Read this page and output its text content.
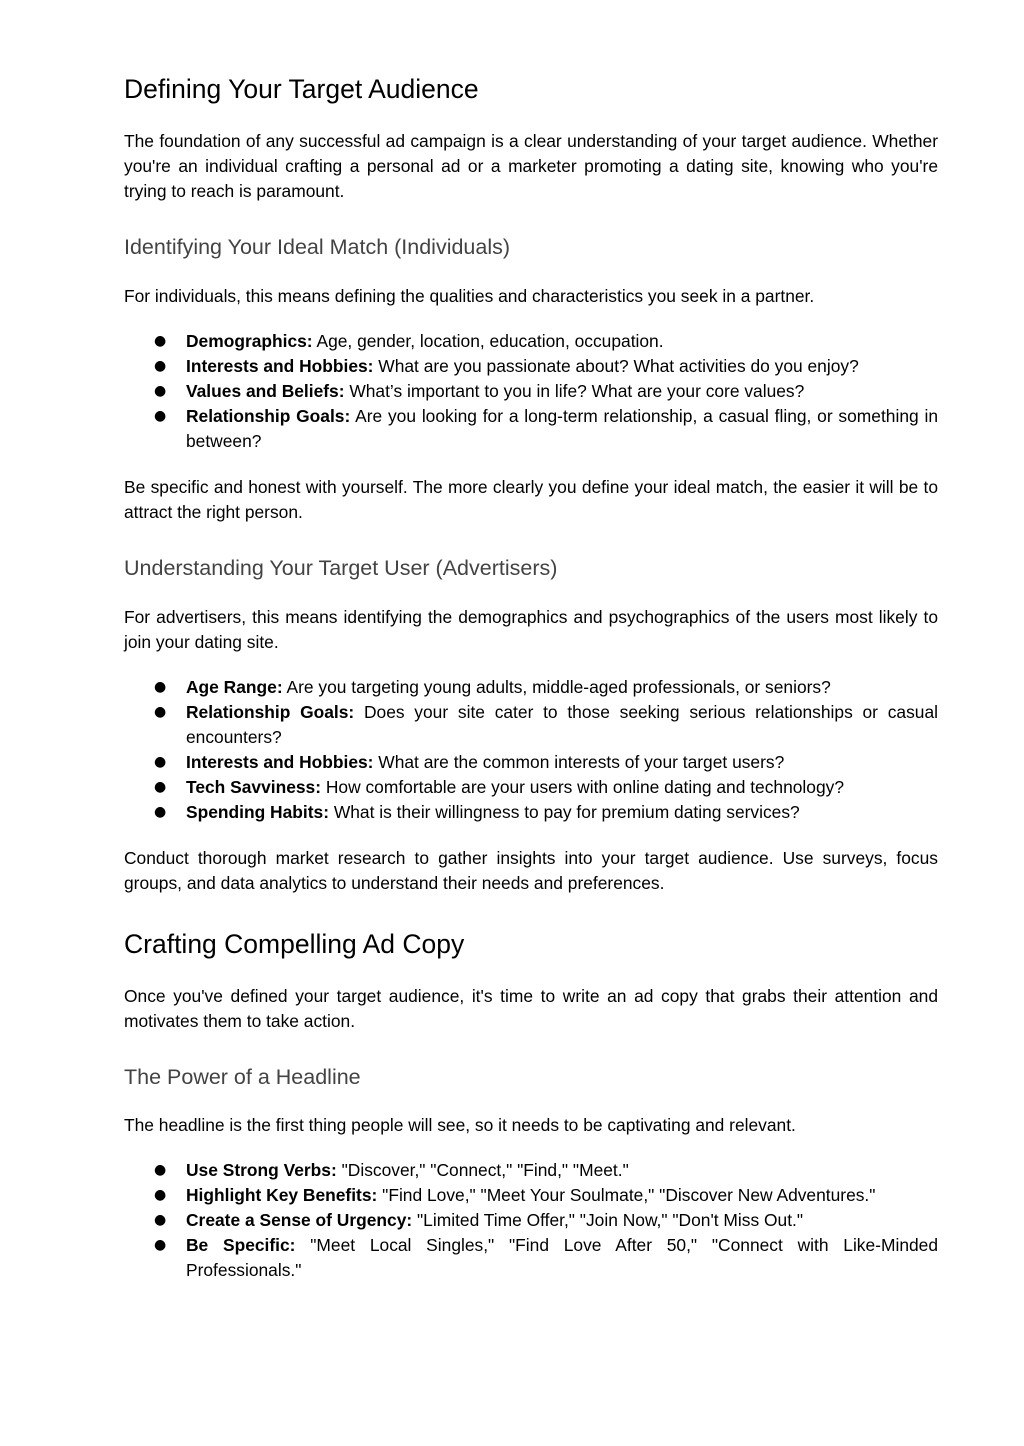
Defining Your Target Audience

The foundation of any successful ad campaign is a clear understanding of your target audience. Whether you're an individual crafting a personal ad or a marketer promoting a dating site, knowing who you're trying to reach is paramount.

Identifying Your Ideal Match (Individuals)

For individuals, this means defining the qualities and characteristics you seek in a partner.

● Demographics: Age, gender, location, education, occupation.
● Interests and Hobbies: What are you passionate about? What activities do you enjoy?
● Values and Beliefs: What’s important to you in life? What are your core values?
● Relationship Goals: Are you looking for a long-term relationship, a casual fling, or something in between?

Be specific and honest with yourself. The more clearly you define your ideal match, the easier it will be to attract the right person.

Understanding Your Target User (Advertisers)

For advertisers, this means identifying the demographics and psychographics of the users most likely to join your dating site.

● Age Range: Are you targeting young adults, middle-aged professionals, or seniors?
● Relationship Goals: Does your site cater to those seeking serious relationships or casual encounters?
● Interests and Hobbies: What are the common interests of your target users?
● Tech Savviness: How comfortable are your users with online dating and technology?
● Spending Habits: What is their willingness to pay for premium dating services?

Conduct thorough market research to gather insights into your target audience. Use surveys, focus groups, and data analytics to understand their needs and preferences.

Crafting Compelling Ad Copy

Once you've defined your target audience, it's time to write an ad copy that grabs their attention and motivates them to take action.

The Power of a Headline

The headline is the first thing people will see, so it needs to be captivating and relevant.

● Use Strong Verbs: "Discover," "Connect," "Find," "Meet."
● Highlight Key Benefits: "Find Love," "Meet Your Soulmate," "Discover New Adventures."
● Create a Sense of Urgency: "Limited Time Offer," "Join Now," "Don't Miss Out."
● Be Specific: "Meet Local Singles," "Find Love After 50," "Connect with Like-Minded Professionals."
